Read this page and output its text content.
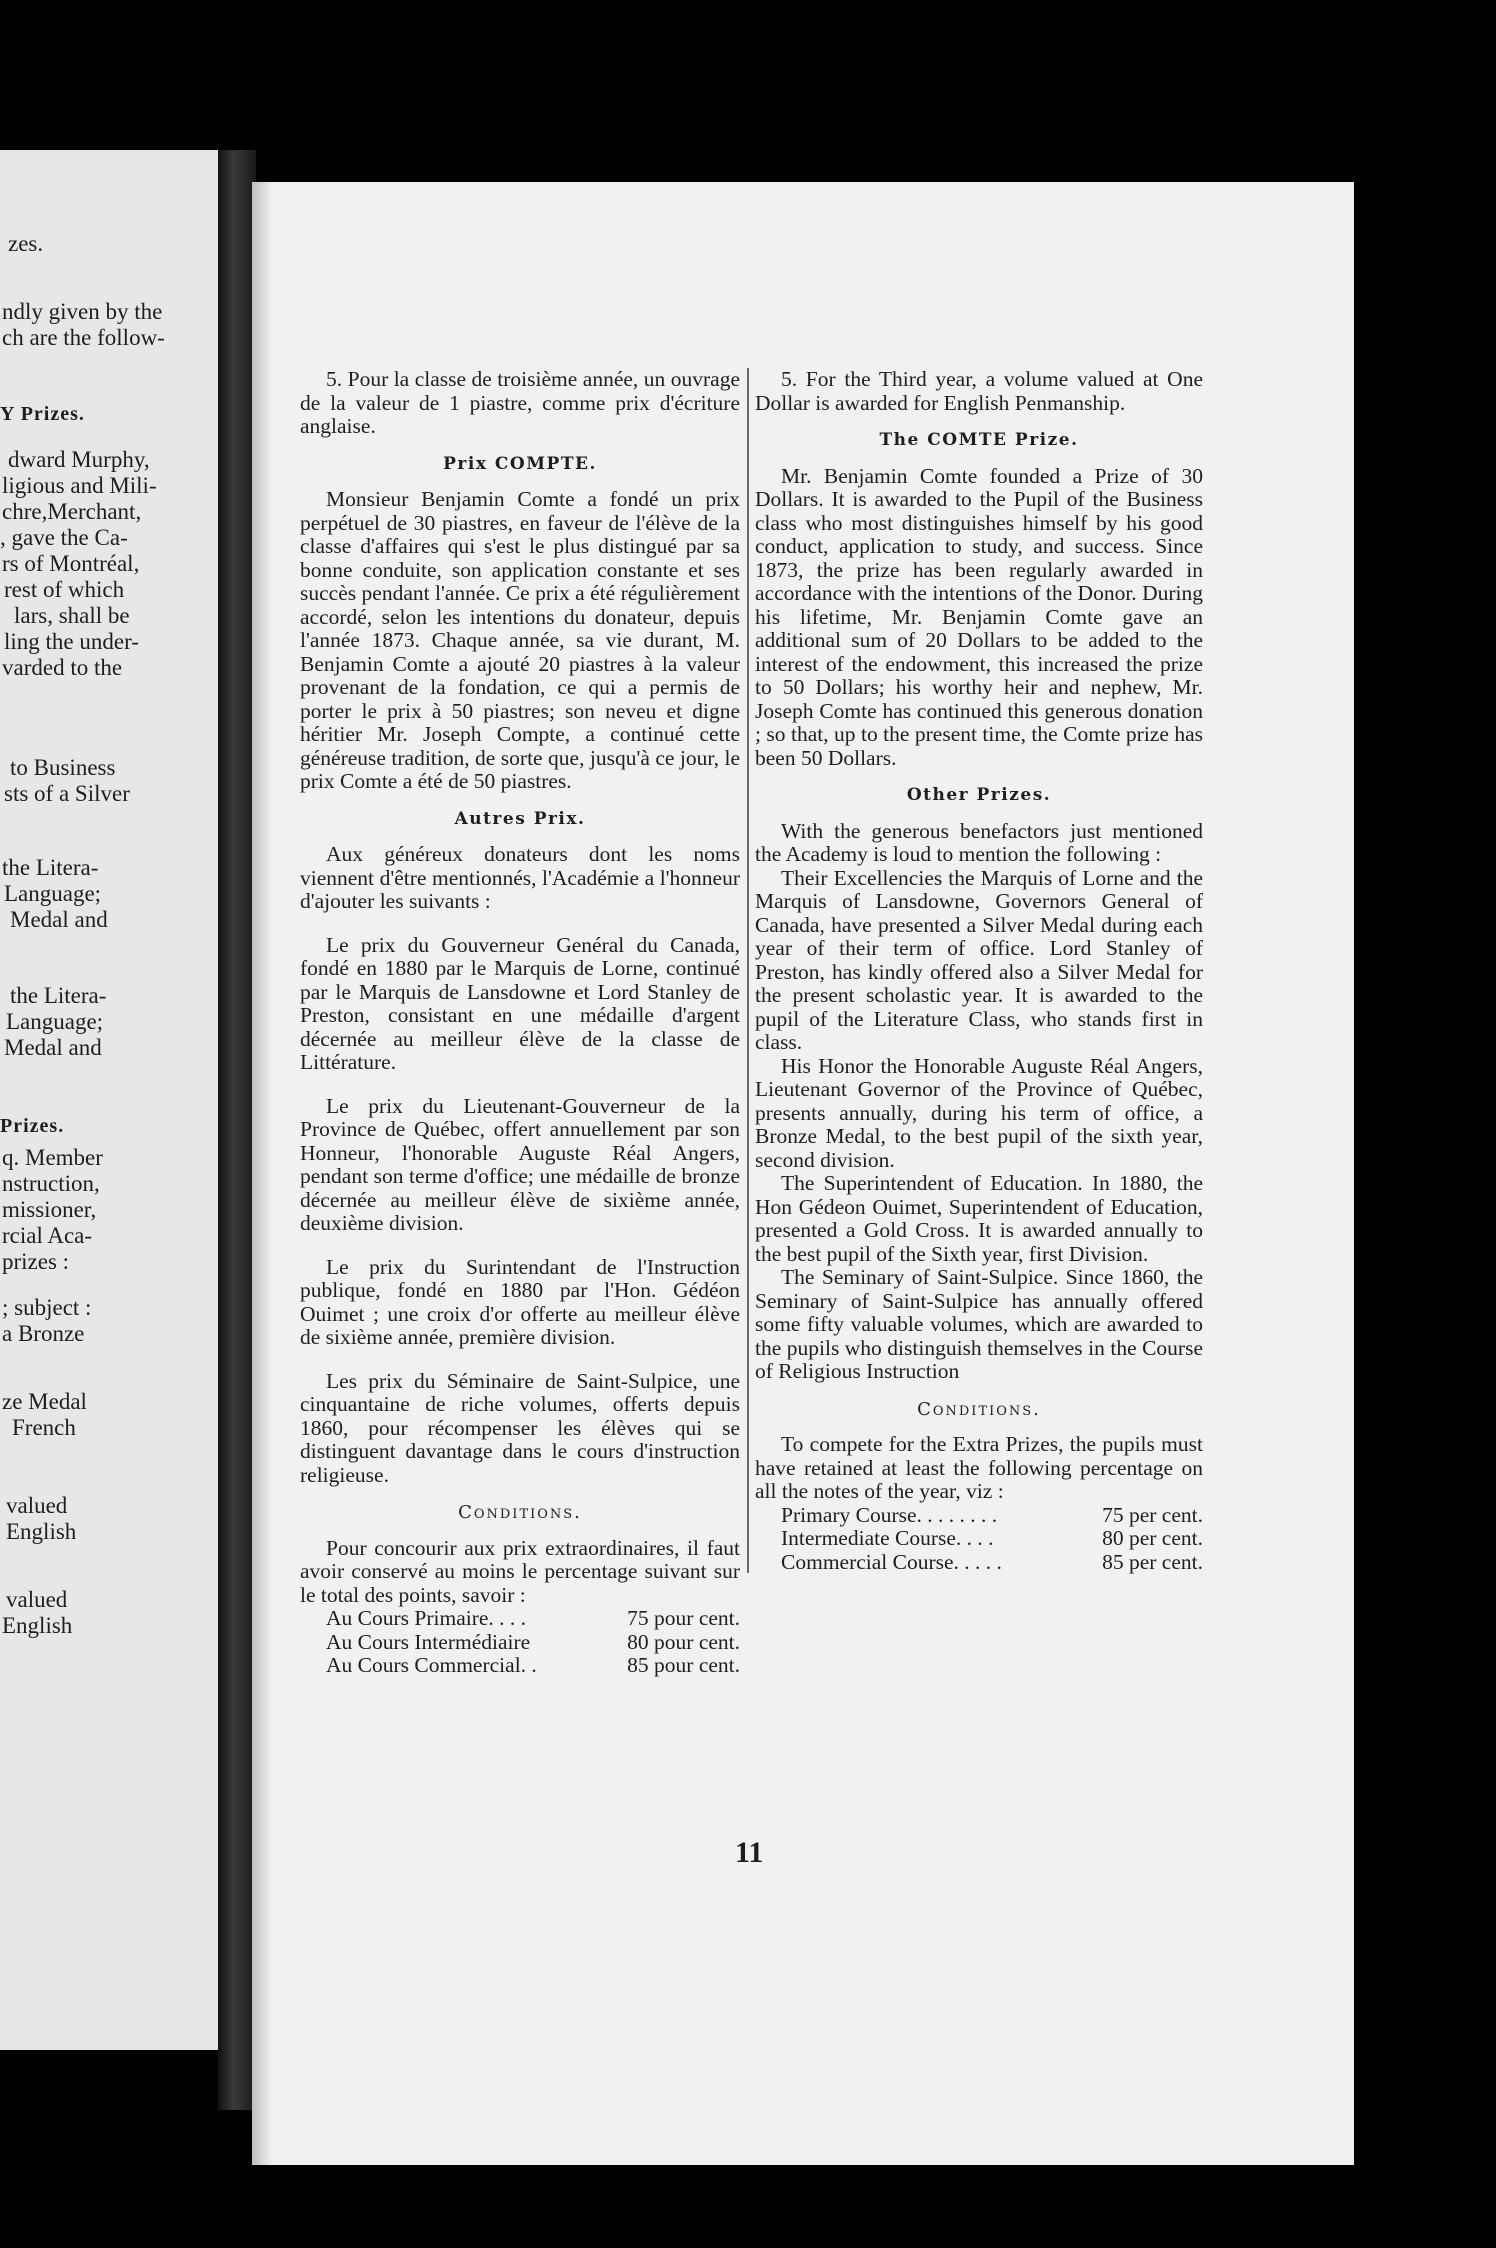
zes.
ndly given by the
ch are the follow-
Y Prizes.
dward Murphy,
ligious and Mili-
chre,Merchant,
, gave the Ca-
rs of Montréal,
rest of which
lars, shall be
ling the under-
varded to the
to Business
sts of a Silver
the Litera-
Language;
Medal and
the Litera-
Language;
Medal and
Prizes.
q. Member
nstruction,
missioner,
rcial Aca-
prizes :
; subject :
a Bronze
ze Medal
French
valued
English
valued
English

5. Pour la classe de troisième année, un ouvrage de la valeur de 1 piastre, comme prix d'écriture anglaise.

Prix COMPTE.

Monsieur Benjamin Comte a fondé un prix perpétuel de 30 piastres, en faveur de l'élève de la classe d'affaires qui s'est le plus distingué par sa bonne conduite, son application constante et ses succès pendant l'année. Ce prix a été régulièrement accordé, selon les intentions du donateur, depuis l'année 1873. Chaque année, sa vie durant, M. Benjamin Comte a ajouté 20 piastres à la valeur provenant de la fondation, ce qui a permis de porter le prix à 50 piastres; son neveu et digne héritier Mr. Joseph Compte, a continué cette généreuse tradition, de sorte que, jusqu'à ce jour, le prix Comte a été de 50 piastres.

Autres Prix.

Aux généreux donateurs dont les noms viennent d'être mentionnés, l'Académie a l'honneur d'ajouter les suivants :

Le prix du Gouverneur Genéral du Canada, fondé en 1880 par le Marquis de Lorne, continué par le Marquis de Lansdowne et Lord Stanley de Preston, consistant en une médaille d'argent décernée au meilleur élève de la classe de Littérature.

Le prix du Lieutenant-Gouverneur de la Province de Québec, offert annuellement par son Honneur, l'honorable Auguste Réal Angers, pendant son terme d'office; une médaille de bronze décernée au meilleur élève de sixième année, deuxième division.

Le prix du Surintendant de l'Instruction publique, fondé en 1880 par l'Hon. Gédéon Ouimet ; une croix d'or offerte au meilleur élève de sixième année, première division.

Les prix du Séminaire de Saint-Sulpice, une cinquantaine de riche volumes, offerts depuis 1860, pour récompenser les élèves qui se distinguent davantage dans le cours d'instruction religieuse.

Conditions.

Pour concourir aux prix extraordinaires, il faut avoir conservé au moins le percentage suivant sur le total des points, savoir :

Au Cours Primaire. . . .	75 pour cent.
Au Cours Intermédiaire	80 pour cent.
Au Cours Commercial. .	85 pour cent.

5. For the Third year, a volume valued at One Dollar is awarded for English Penmanship.

The COMTE Prize.

Mr. Benjamin Comte founded a Prize of 30 Dollars. It is awarded to the Pupil of the Business class who most distinguishes himself by his good conduct, application to study, and success. Since 1873, the prize has been regularly awarded in accordance with the intentions of the Donor. During his lifetime, Mr. Benjamin Comte gave an additional sum of 20 Dollars to be added to the interest of the endowment, this increased the prize to 50 Dollars; his worthy heir and nephew, Mr. Joseph Comte has continued this generous donation ; so that, up to the present time, the Comte prize has been 50 Dollars.

Other Prizes.

With the generous benefactors just mentioned the Academy is loud to mention the following :

Their Excellencies the Marquis of Lorne and the Marquis of Lansdowne, Governors General of Canada, have presented a Silver Medal during each year of their term of office. Lord Stanley of Preston, has kindly offered also a Silver Medal for the present scholastic year. It is awarded to the pupil of the Literature Class, who stands first in class.

His Honor the Honorable Auguste Réal Angers, Lieutenant Governor of the Province of Québec, presents annually, during his term of office, a Bronze Medal, to the best pupil of the sixth year, second division.

The Superintendent of Education. In 1880, the Hon Gédeon Ouimet, Superintendent of Education, presented a Gold Cross. It is awarded annually to the best pupil of the Sixth year, first Division.

The Seminary of Saint-Sulpice. Since 1860, the Seminary of Saint-Sulpice has annually offered some fifty valuable volumes, which are awarded to the pupils who distinguish themselves in the Course of Religious Instruction

Conditions.

To compete for the Extra Prizes, the pupils must have retained at least the following percentage on all the notes of the year, viz :

Primary Course. . . . . . . .	75 per cent.
Intermediate Course. . . .	80 per cent.
Commercial Course. . . . .	85 per cent.
11
